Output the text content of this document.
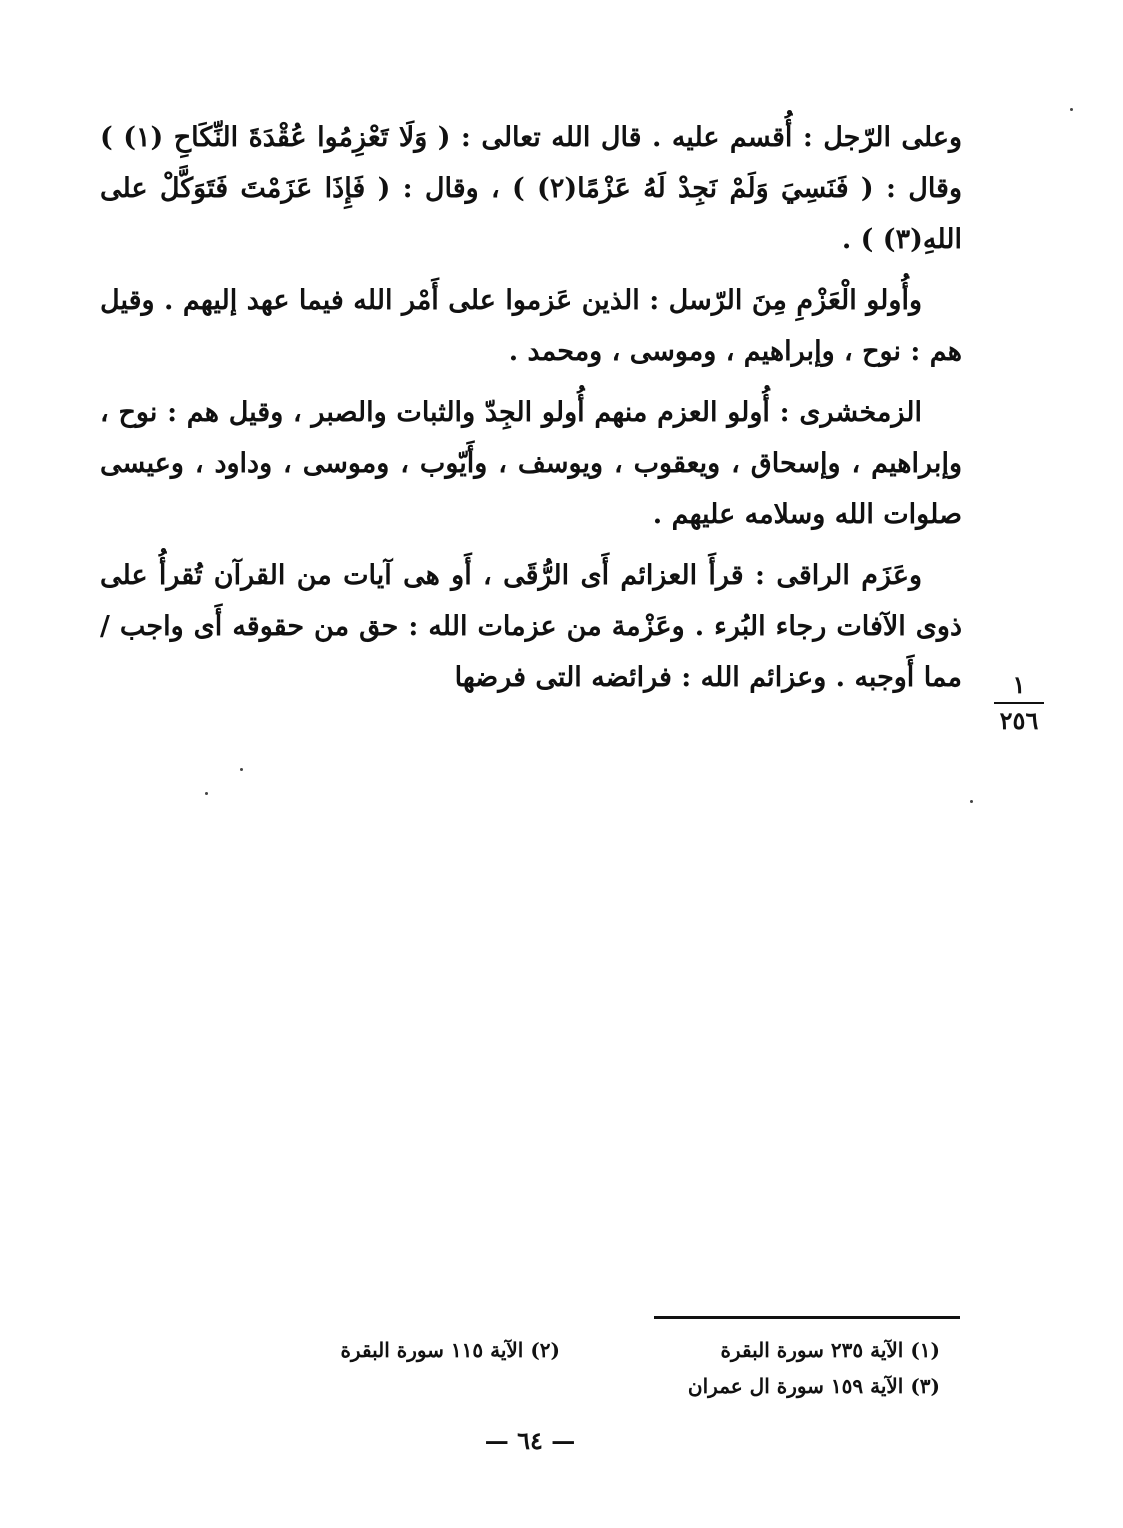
وعلى الرّجل : أُقسم عليه . قال الله تعالى : ( وَلَا تَعْزِمُوا عُقْدَةَ النِّكَاحِ (١) ) وقال : ( فَنَسِيَ وَلَمْ نَجِدْ لَهُ عَزْمًا(٢) ) ، وقال : ( فَإِذَا عَزَمْتَ فَتَوَكَّلْ على اللهِ(٣) ) .

وأُولو الْعَزْمِ مِنَ الرّسل : الذين عَزموا على أَمْر الله فيما عهد إليهم . وقيل هم : نوح ، وإبراهيم ، وموسى ، ومحمد .

الزمخشرى : أُولو العزم منهم أُولو الجِدّ والثبات والصبر ، وقيل هم : نوح ، وإبراهيم ، وإسحاق ، ويعقوب ، ويوسف ، وأَيّوب ، وموسى ، وداود ، وعيسى صلوات الله وسلامه عليهم .

وعَزَم الراقى : قرأَ العزائم أَى الرُّقَى ، أَو هى آيات من القرآن تُقرأُ على ذوى الآفات رجاء البُرء . وعَزْمة من عزمات الله : حق من حقوقه أَى واجب / مما أَوجبه . وعزائم الله : فرائضه التى فرضها	١
٢٥٦
(١) الآية ٢٣٥ سورة البقرة
(٢) الآية ١١٥ سورة البقرة
(٣) الآية ١٥٩ سورة ال عمران
— ٦٤ —
